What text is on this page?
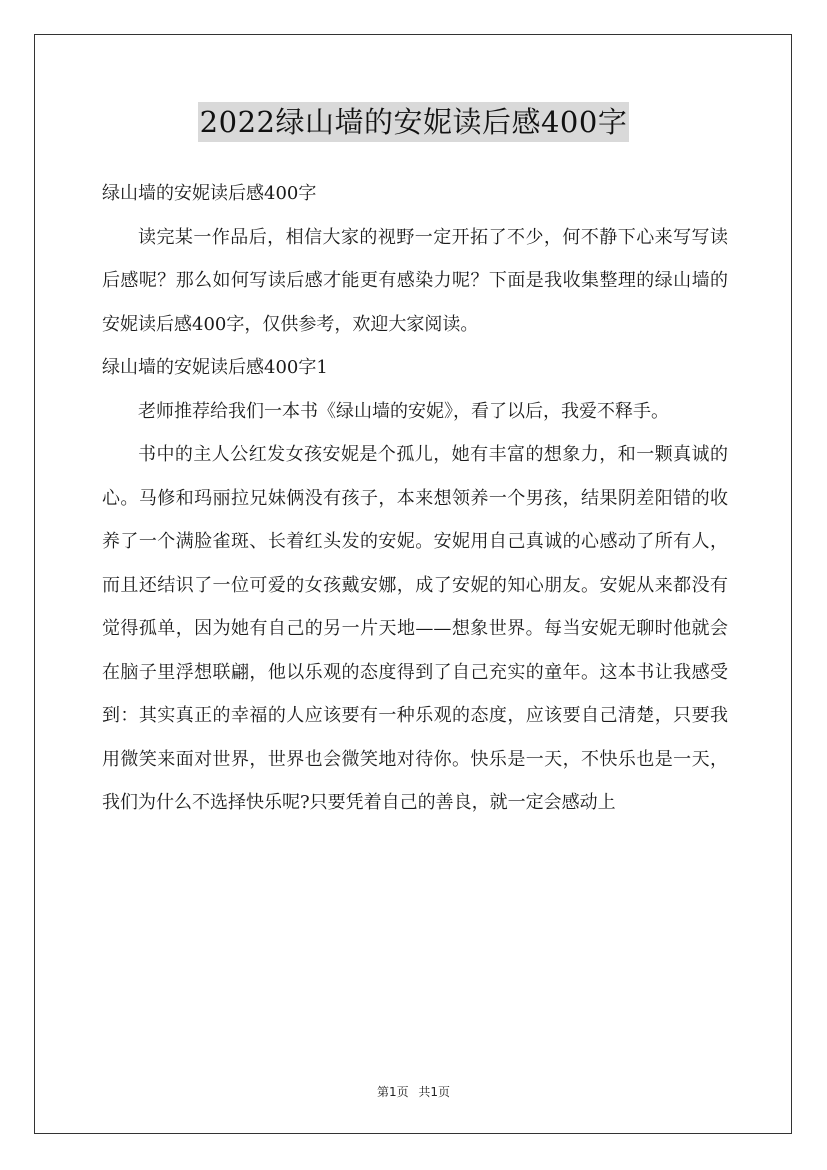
2022绿山墙的安妮读后感400字

绿山墙的安妮读后感400字

读完某一作品后，相信大家的视野一定开拓了不少，何不静下心来写写读后感呢？那么如何写读后感才能更有感染力呢？下面是我收集整理的绿山墙的安妮读后感400字，仅供参考，欢迎大家阅读。

绿山墙的安妮读后感400字1

老师推荐给我们一本书《绿山墙的安妮》，看了以后，我爱不释手。

书中的主人公红发女孩安妮是个孤儿，她有丰富的想象力，和一颗真诚的心。马修和玛丽拉兄妹俩没有孩子，本来想领养一个男孩，结果阴差阳错的收养了一个满脸雀斑、长着红头发的安妮。安妮用自己真诚的心感动了所有人，而且还结识了一位可爱的女孩戴安娜，成了安妮的知心朋友。安妮从来都没有觉得孤单，因为她有自己的另一片天地——想象世界。每当安妮无聊时他就会在脑子里浮想联翩，他以乐观的态度得到了自己充实的童年。这本书让我感受到：其实真正的幸福的人应该要有一种乐观的态度，应该要自己清楚，只要我用微笑来面对世界，世界也会微笑地对待你。快乐是一天，不快乐也是一天，我们为什么不选择快乐呢?只要凭着自己的善良，就一定会感动上

第1页 共1页
